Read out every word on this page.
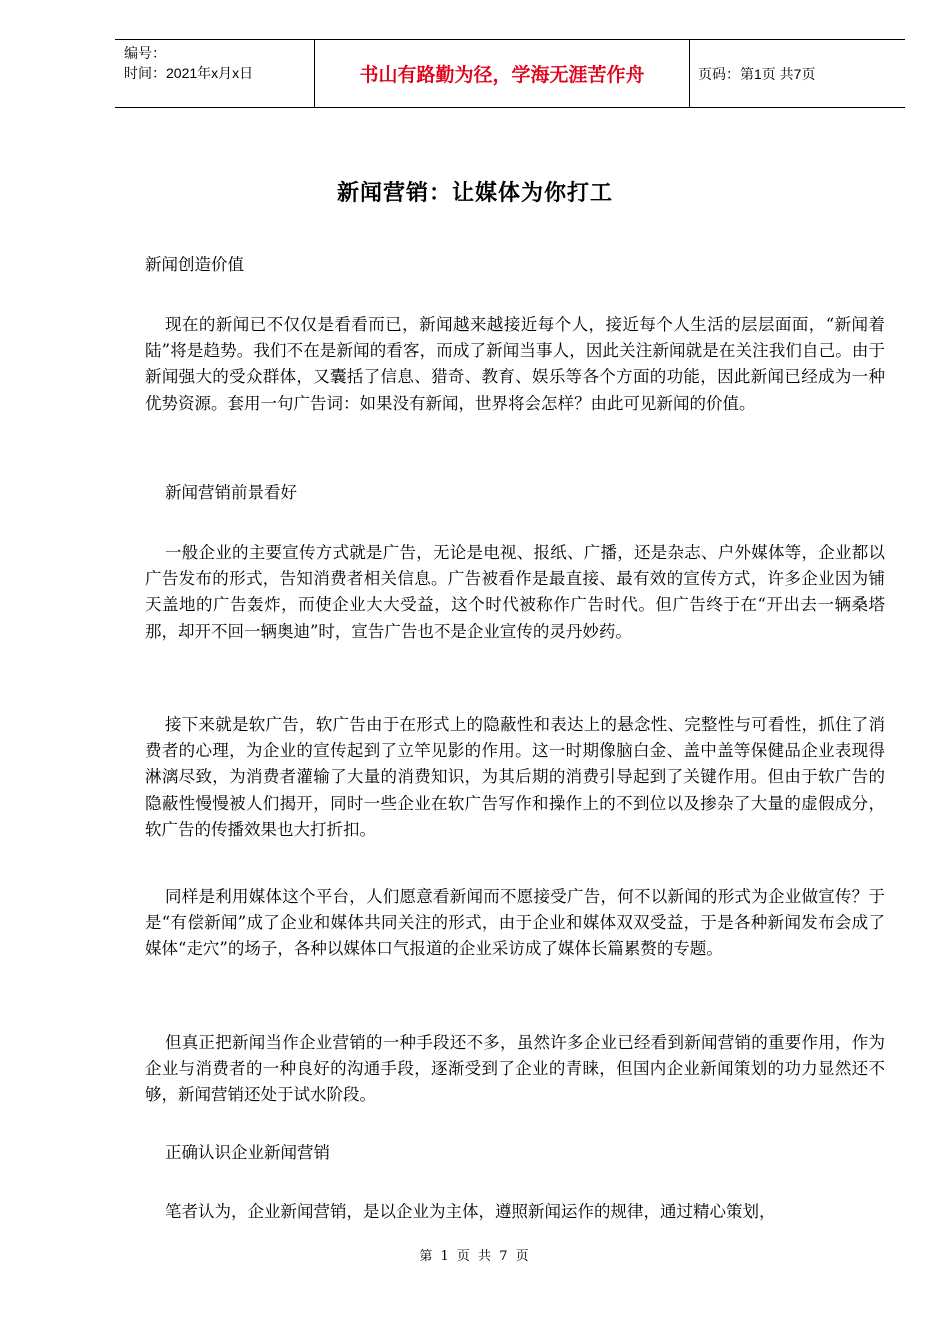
编号：
时间：2021年x月x日	书山有路勤为径，学海无涯苦作舟	页码：第1页 共7页
新闻营销：让媒体为你打工
新闻创造价值
现在的新闻已不仅仅是看看而已，新闻越来越接近每个人，接近每个人生活的层层面面，“新闻着陆”将是趋势。我们不在是新闻的看客，而成了新闻当事人，因此关注新闻就是在关注我们自己。由于新闻强大的受众群体，又囊括了信息、猎奇、教育、娱乐等各个方面的功能，因此新闻已经成为一种优势资源。套用一句广告词：如果没有新闻，世界将会怎样？由此可见新闻的价值。
新闻营销前景看好
一般企业的主要宣传方式就是广告，无论是电视、报纸、广播，还是杂志、户外媒体等，企业都以广告发布的形式，告知消费者相关信息。广告被看作是最直接、最有效的宣传方式，许多企业因为铺天盖地的广告轰炸，而使企业大大受益，这个时代被称作广告时代。但广告终于在“开出去一辆桑塔那，却开不回一辆奥迪”时，宣告广告也不是企业宣传的灵丹妙药。
接下来就是软广告，软广告由于在形式上的隐蔽性和表达上的悬念性、完整性与可看性，抓住了消费者的心理，为企业的宣传起到了立竿见影的作用。这一时期像脑白金、盖中盖等保健品企业表现得淋漓尽致，为消费者灌输了大量的消费知识，为其后期的消费引导起到了关键作用。但由于软广告的隐蔽性慢慢被人们揭开，同时一些企业在软广告写作和操作上的不到位以及掺杂了大量的虚假成分，软广告的传播效果也大打折扣。
同样是利用媒体这个平台，人们愿意看新闻而不愿接受广告，何不以新闻的形式为企业做宣传？于是“有偿新闻”成了企业和媒体共同关注的形式，由于企业和媒体双双受益，于是各种新闻发布会成了媒体“走穴”的场子，各种以媒体口气报道的企业采访成了媒体长篇累赘的专题。
但真正把新闻当作企业营销的一种手段还不多，虽然许多企业已经看到新闻营销的重要作用，作为企业与消费者的一种良好的沟通手段，逐渐受到了企业的青睐，但国内企业新闻策划的功力显然还不够，新闻营销还处于试水阶段。
正确认识企业新闻营销
笔者认为，企业新闻营销，是以企业为主体，遵照新闻运作的规律，通过精心策划，
第 1 页 共 7 页
